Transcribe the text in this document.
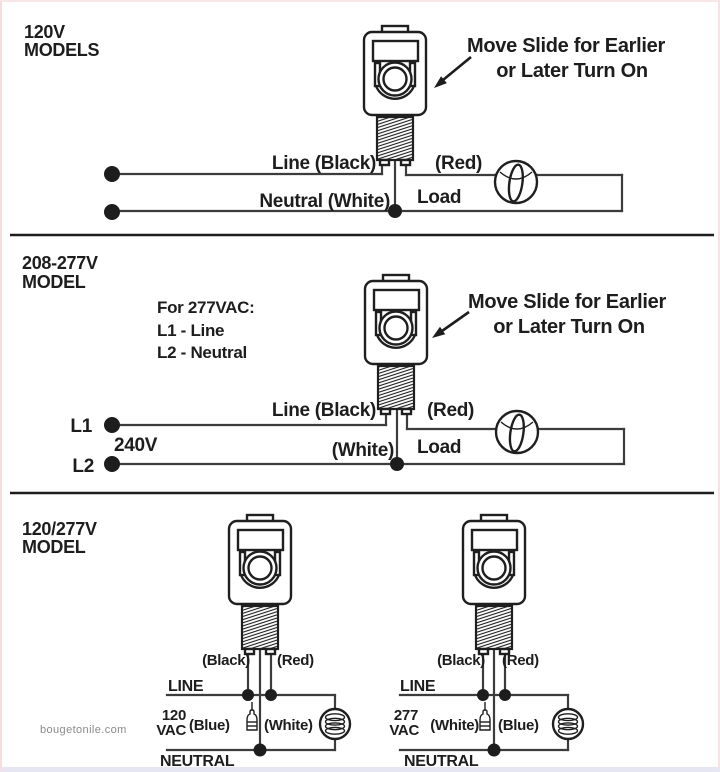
120V
MODELS	Move Slide for Earlier
or Later Turn On
Line (Black)
Neutral (White)
(Red)
Load
208-277V
MODEL
For 277VAC:
L1 - Line
L2 - Neutral
Move Slide for Earlier
or Later Turn On
L1
L2
240V
Line (Black)
(White)
(Red)
Load
120/277V
MODEL
bougetonile.com
(Black) (Red)
LINE
120
VAC (Blue) (White)
NEUTRAL
(Black) (Red)
LINE
277
VAC (White) (Blue)
NEUTRAL
